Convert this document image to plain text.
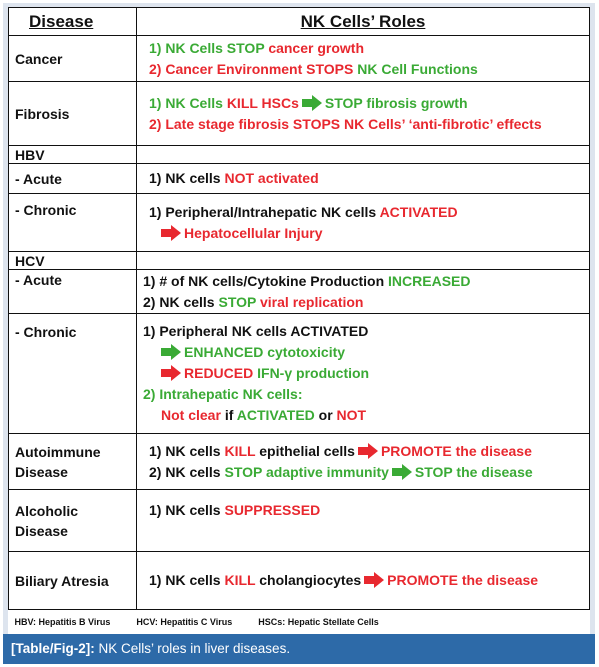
Disease	NK Cells’ Roles
Cancer	1) NK Cells STOP cancer growth
2) Cancer Environment STOPS NK Cell Functions

Fibrosis	1) NK Cells KILL HSCs STOP fibrosis growth
2) Late stage fibrosis STOPS NK Cells’ ‘anti-fibrotic’ effects

HBV	
- Acute	1) NK cells NOT activated

- Chronic	1) Peripheral/Intrahepatic NK cells ACTIVATED
Hepatocellular Injury

HCV	
- Acute	1) # of NK cells/Cytokine Production INCREASED
2) NK cells STOP viral replication

- Chronic	1) Peripheral NK cells ACTIVATED
ENHANCED cytotoxicity
REDUCED IFN-γ production
2) Intrahepatic NK cells:
Not clear if ACTIVATED or NOT

Autoimmune
Disease	1) NK cells KILL epithelial cells PROMOTE the disease
2) NK cells STOP adaptive immunity STOP the disease

Alcoholic
Disease	1) NK cells SUPPRESSED

Biliary Atresia	1) NK cells KILL cholangiocytes PROMOTE the disease

HBV: Hepatitis B Virus HCV: Hepatitis C Virus HSCs: Hepatic Stellate Cells	
[Table/Fig-2]: NK Cells’ roles in liver diseases.
